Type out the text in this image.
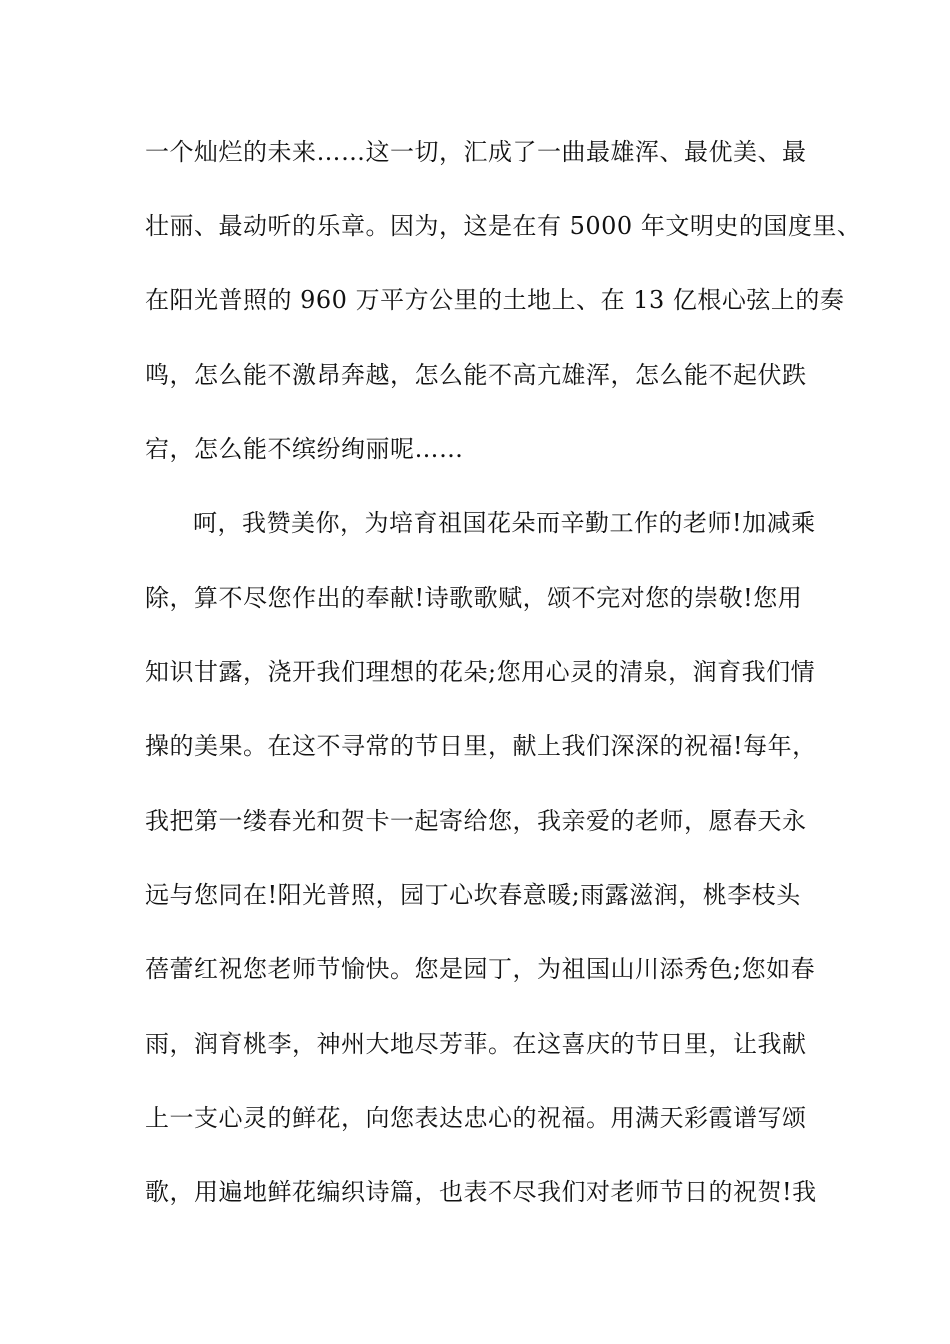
一个灿烂的未来……这一切，汇成了一曲最雄浑、最优美、最
壮丽、最动听的乐章。因为，这是在有 5000 年文明史的国度里、
在阳光普照的 960 万平方公里的土地上、在 13 亿根心弦上的奏
鸣，怎么能不激昂奔越，怎么能不高亢雄浑，怎么能不起伏跌
宕，怎么能不缤纷绚丽呢……
呵，我赞美你，为培育祖国花朵而辛勤工作的老师!加减乘
除，算不尽您作出的奉献!诗歌歌赋，颂不完对您的崇敬!您用
知识甘露，浇开我们理想的花朵;您用心灵的清泉，润育我们情
操的美果。在这不寻常的节日里，献上我们深深的祝福!每年，
我把第一缕春光和贺卡一起寄给您，我亲爱的老师，愿春天永
远与您同在!阳光普照，园丁心坎春意暖;雨露滋润，桃李枝头
蓓蕾红祝您老师节愉快。您是园丁，为祖国山川添秀色;您如春
雨，润育桃李，神州大地尽芳菲。在这喜庆的节日里，让我献
上一支心灵的鲜花，向您表达忠心的祝福。用满天彩霞谱写颂
歌，用遍地鲜花编织诗篇，也表不尽我们对老师节日的祝贺!我
